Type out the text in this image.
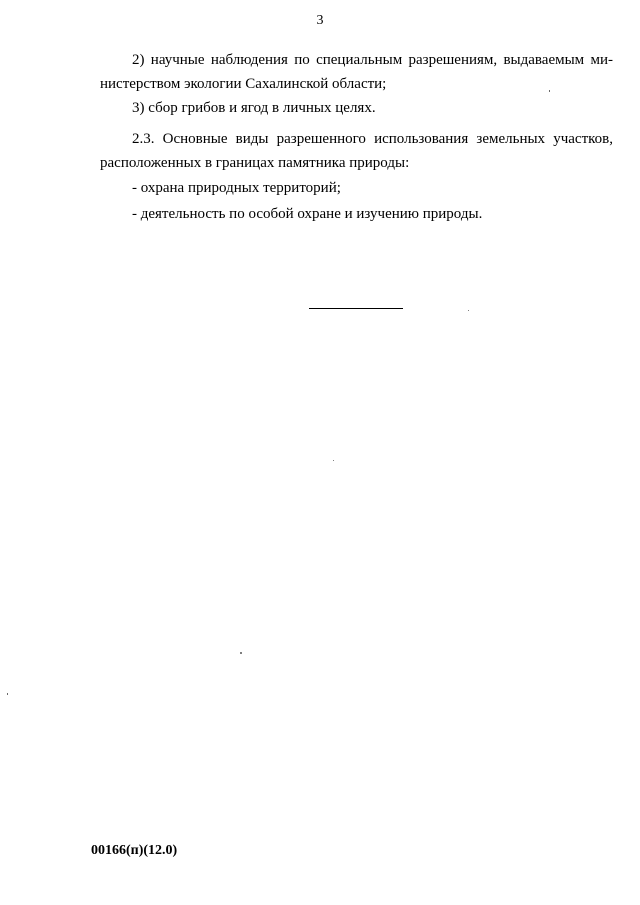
3
2) научные наблюдения по специальным разрешениям, выдаваемым ми-
нистерством экологии Сахалинской области;
3) сбор грибов и ягод в личных целях.
2.3. Основные виды разрешенного использования земельных участков,
расположенных в границах памятника природы:
- охрана природных территорий;
- деятельность по особой охране и изучению природы.
00166(п)(12.0)
